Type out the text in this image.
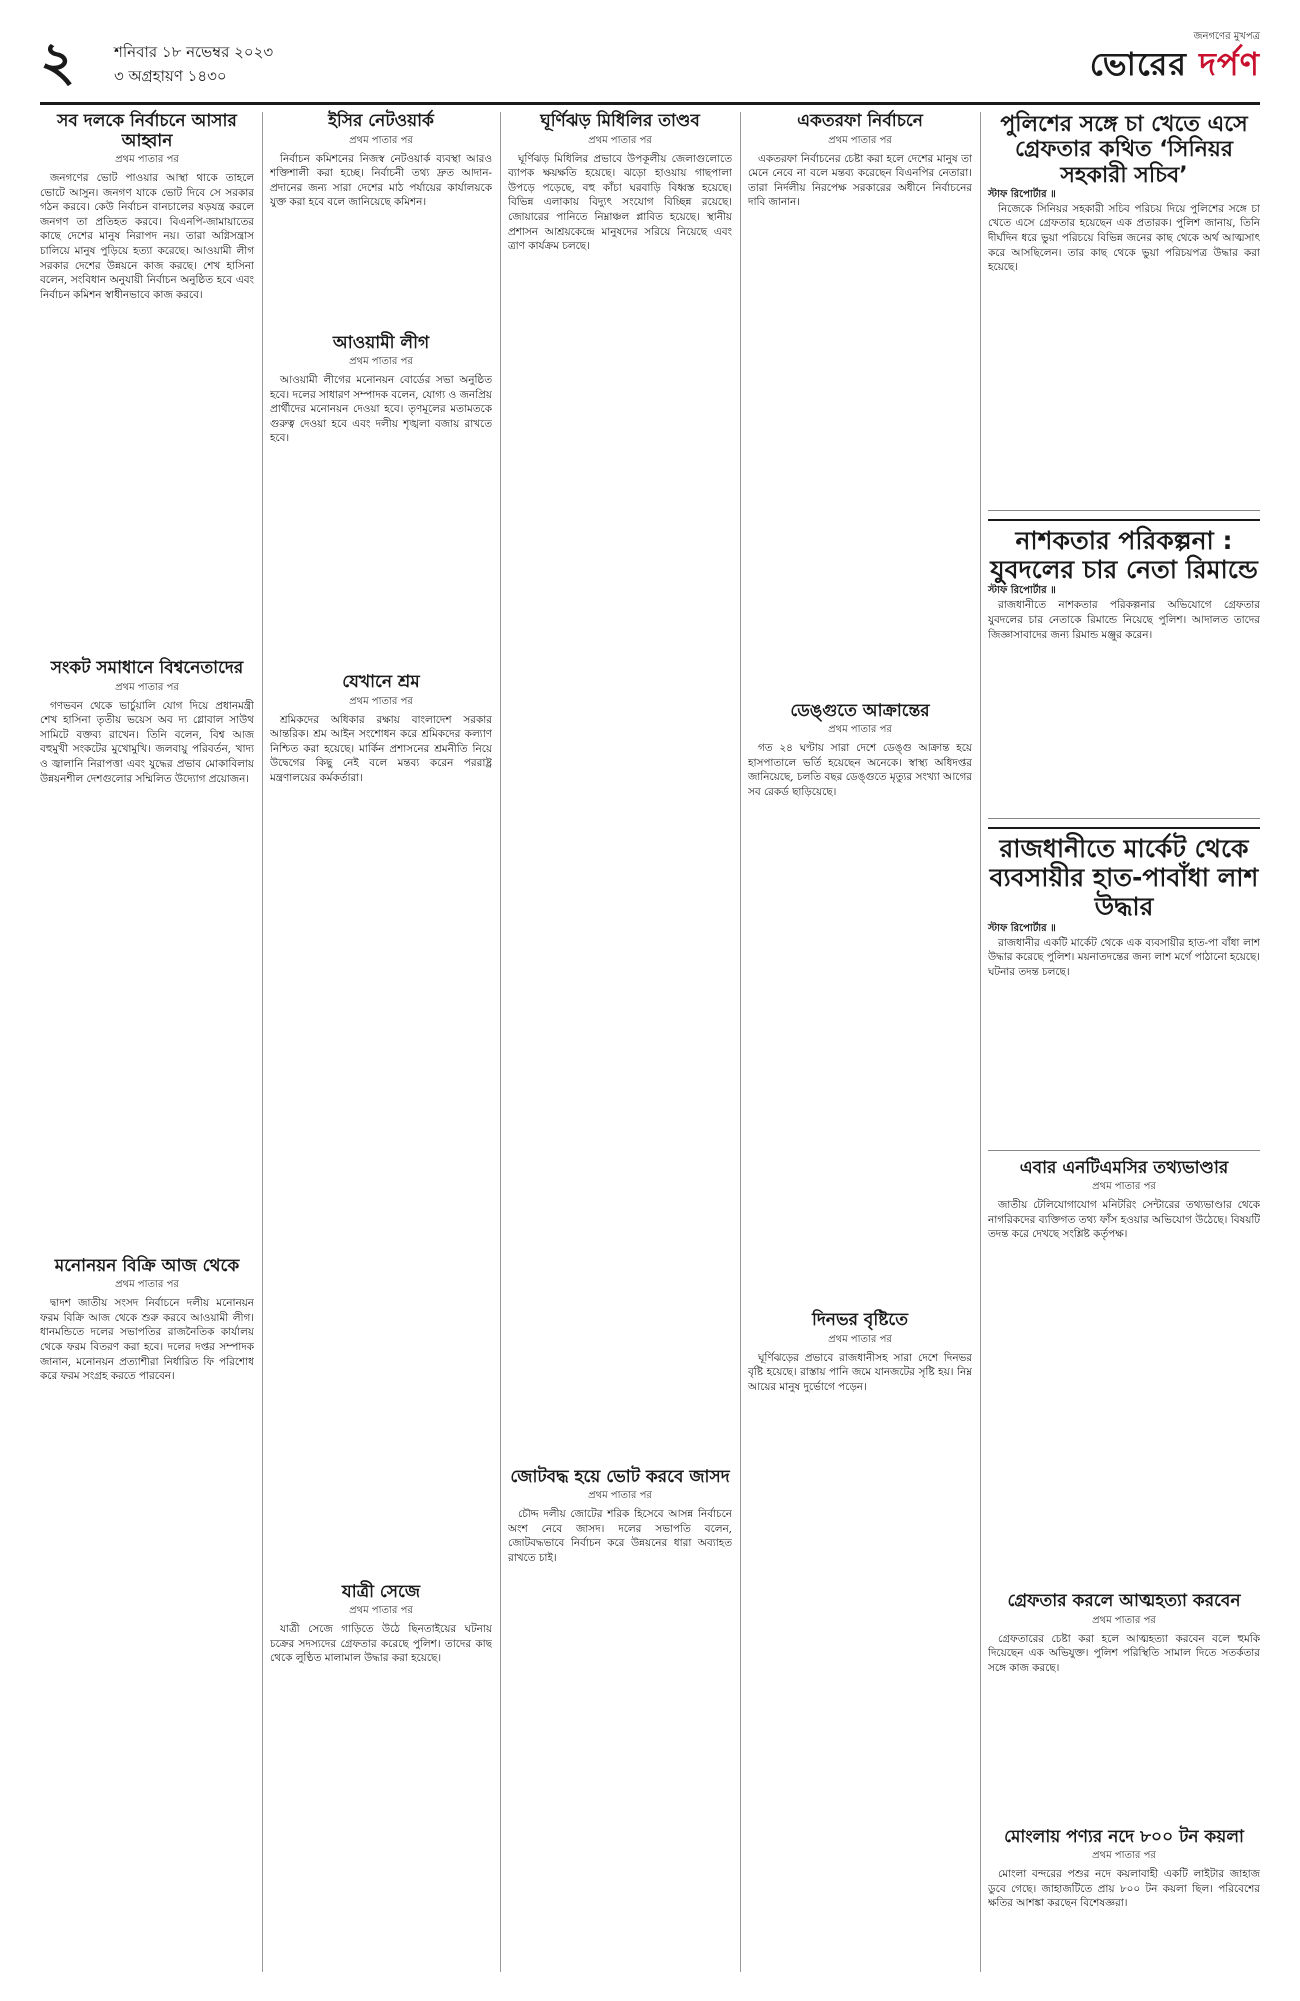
২	শনিবার ১৮ নভেম্বর ২০২৩
৩ অগ্রহায়ণ ১৪৩০
জনগণের মুখপত্র
ভোরের দর্পণ
সব দলকে নির্বাচনে আসার আহ্বান
প্রথম পাতার পর

জনগণের ভোট পাওয়ার আস্থা থাকে তাহলে ভোটে আসুন। জনগণ যাকে ভোট দিবে সে সরকার গঠন করবে। কেউ নির্বাচন বানচালের ষড়যন্ত্র করলে জনগণ তা প্রতিহত করবে। বিএনপি-জামায়াতের কাছে দেশের মানুষ নিরাপদ নয়। তারা অগ্নিসন্ত্রাস চালিয়ে মানুষ পুড়িয়ে হত্যা করেছে। আওয়ামী লীগ সরকার দেশের উন্নয়নে কাজ করছে। শেখ হাসিনা বলেন, সংবিধান অনুযায়ী নির্বাচন অনুষ্ঠিত হবে এবং নির্বাচন কমিশন স্বাধীনভাবে কাজ করবে।

সংকট সমাধানে বিশ্বনেতাদের
প্রথম পাতার পর

গণভবন থেকে ভার্চুয়ালি যোগ দিয়ে প্রধানমন্ত্রী শেখ হাসিনা তৃতীয় ভয়েস অব দ্য গ্লোবাল সাউথ সামিটে বক্তব্য রাখেন। তিনি বলেন, বিশ্ব আজ বহুমুখী সংকটের মুখোমুখি। জলবায়ু পরিবর্তন, খাদ্য ও জ্বালানি নিরাপত্তা এবং যুদ্ধের প্রভাব মোকাবিলায় উন্নয়নশীল দেশগুলোর সম্মিলিত উদ্যোগ প্রয়োজন।

মনোনয়ন বিক্রি আজ থেকে
প্রথম পাতার পর

দ্বাদশ জাতীয় সংসদ নির্বাচনে দলীয় মনোনয়ন ফরম বিক্রি আজ থেকে শুরু করবে আওয়ামী লীগ। ধানমন্ডিতে দলের সভাপতির রাজনৈতিক কার্যালয় থেকে ফরম বিতরণ করা হবে। দলের দপ্তর সম্পাদক জানান, মনোনয়ন প্রত্যাশীরা নির্ধারিত ফি পরিশোধ করে ফরম সংগ্রহ করতে পারবেন।

ইসির নেটওয়ার্ক
প্রথম পাতার পর

নির্বাচন কমিশনের নিজস্ব নেটওয়ার্ক ব্যবস্থা আরও শক্তিশালী করা হচ্ছে। নির্বাচনী তথ্য দ্রুত আদান-প্রদানের জন্য সারা দেশের মাঠ পর্যায়ের কার্যালয়কে যুক্ত করা হবে বলে জানিয়েছে কমিশন।

আওয়ামী লীগ
প্রথম পাতার পর

আওয়ামী লীগের মনোনয়ন বোর্ডের সভা অনুষ্ঠিত হবে। দলের সাধারণ সম্পাদক বলেন, যোগ্য ও জনপ্রিয় প্রার্থীদের মনোনয়ন দেওয়া হবে। তৃণমূলের মতামতকে গুরুত্ব দেওয়া হবে এবং দলীয় শৃঙ্খলা বজায় রাখতে হবে।

যেখানে শ্রম
প্রথম পাতার পর

শ্রমিকদের অধিকার রক্ষায় বাংলাদেশ সরকার আন্তরিক। শ্রম আইন সংশোধন করে শ্রমিকদের কল্যাণ নিশ্চিত করা হয়েছে। মার্কিন প্রশাসনের শ্রমনীতি নিয়ে উদ্বেগের কিছু নেই বলে মন্তব্য করেন পররাষ্ট্র মন্ত্রণালয়ের কর্মকর্তারা।

যাত্রী সেজে
প্রথম পাতার পর

যাত্রী সেজে গাড়িতে উঠে ছিনতাইয়ের ঘটনায় চক্রের সদস্যদের গ্রেফতার করেছে পুলিশ। তাদের কাছ থেকে লুণ্ঠিত মালামাল উদ্ধার করা হয়েছে।

ঘূর্ণিঝড় মিধিলির তাণ্ডব
প্রথম পাতার পর

ঘূর্ণিঝড় মিধিলির প্রভাবে উপকূলীয় জেলাগুলোতে ব্যাপক ক্ষয়ক্ষতি হয়েছে। ঝড়ো হাওয়ায় গাছপালা উপড়ে পড়েছে, বহু কাঁচা ঘরবাড়ি বিধ্বস্ত হয়েছে। বিভিন্ন এলাকায় বিদ্যুৎ সংযোগ বিচ্ছিন্ন রয়েছে। জোয়ারের পানিতে নিম্নাঞ্চল প্লাবিত হয়েছে। স্থানীয় প্রশাসন আশ্রয়কেন্দ্রে মানুষদের সরিয়ে নিয়েছে এবং ত্রাণ কার্যক্রম চলছে।

জোটবদ্ধ হয়ে ভোট করবে জাসদ
প্রথম পাতার পর

চৌদ্দ দলীয় জোটের শরিক হিসেবে আসন্ন নির্বাচনে অংশ নেবে জাসদ। দলের সভাপতি বলেন, জোটবদ্ধভাবে নির্বাচন করে উন্নয়নের ধারা অব্যাহত রাখতে চাই।

একতরফা নির্বাচনে
প্রথম পাতার পর

একতরফা নির্বাচনের চেষ্টা করা হলে দেশের মানুষ তা মেনে নেবে না বলে মন্তব্য করেছেন বিএনপির নেতারা। তারা নির্দলীয় নিরপেক্ষ সরকারের অধীনে নির্বাচনের দাবি জানান।

ডেঙ্গুতে আক্রান্তের
প্রথম পাতার পর

গত ২৪ ঘণ্টায় সারা দেশে ডেঙ্গু আক্রান্ত হয়ে হাসপাতালে ভর্তি হয়েছেন অনেকে। স্বাস্থ্য অধিদপ্তর জানিয়েছে, চলতি বছর ডেঙ্গুতে মৃত্যুর সংখ্যা আগের সব রেকর্ড ছাড়িয়েছে।

দিনভর বৃষ্টিতে
প্রথম পাতার পর

ঘূর্ণিঝড়ের প্রভাবে রাজধানীসহ সারা দেশে দিনভর বৃষ্টি হয়েছে। রাস্তায় পানি জমে যানজটের সৃষ্টি হয়। নিম্ন আয়ের মানুষ দুর্ভোগে পড়েন।

পুলিশের সঙ্গে চা খেতে এসে গ্রেফতার কথিত ‘সিনিয়র সহকারী সচিব’
স্টাফ রিপোর্টার ॥

নিজেকে সিনিয়র সহকারী সচিব পরিচয় দিয়ে পুলিশের সঙ্গে চা খেতে এসে গ্রেফতার হয়েছেন এক প্রতারক। পুলিশ জানায়, তিনি দীর্ঘদিন ধরে ভুয়া পরিচয়ে বিভিন্ন জনের কাছ থেকে অর্থ আত্মসাৎ করে আসছিলেন। তার কাছ থেকে ভুয়া পরিচয়পত্র উদ্ধার করা হয়েছে।

নাশকতার পরিকল্পনা : যুবদলের চার নেতা রিমান্ডে
স্টাফ রিপোর্টার ॥

রাজধানীতে নাশকতার পরিকল্পনার অভিযোগে গ্রেফতার যুবদলের চার নেতাকে রিমান্ডে নিয়েছে পুলিশ। আদালত তাদের জিজ্ঞাসাবাদের জন্য রিমান্ড মঞ্জুর করেন।

রাজধানীতে মার্কেট থেকে ব্যবসায়ীর হাত-পাবাঁধা লাশ উদ্ধার
স্টাফ রিপোর্টার ॥

রাজধানীর একটি মার্কেট থেকে এক ব্যবসায়ীর হাত-পা বাঁধা লাশ উদ্ধার করেছে পুলিশ। ময়নাতদন্তের জন্য লাশ মর্গে পাঠানো হয়েছে। ঘটনার তদন্ত চলছে।

এবার এনটিএমসির তথ্যভাণ্ডার
প্রথম পাতার পর

জাতীয় টেলিযোগাযোগ মনিটরিং সেন্টারের তথ্যভাণ্ডার থেকে নাগরিকদের ব্যক্তিগত তথ্য ফাঁস হওয়ার অভিযোগ উঠেছে। বিষয়টি তদন্ত করে দেখছে সংশ্লিষ্ট কর্তৃপক্ষ।

গ্রেফতার করলে আত্মহত্যা করবেন
প্রথম পাতার পর

গ্রেফতারের চেষ্টা করা হলে আত্মহত্যা করবেন বলে হুমকি দিয়েছেন এক অভিযুক্ত। পুলিশ পরিস্থিতি সামাল দিতে সতর্কতার সঙ্গে কাজ করছে।

মোংলায় পণ্যর নদে ৮০০ টন কয়লা
প্রথম পাতার পর

মোংলা বন্দরের পশুর নদে কয়লাবাহী একটি লাইটার জাহাজ ডুবে গেছে। জাহাজটিতে প্রায় ৮০০ টন কয়লা ছিল। পরিবেশের ক্ষতির আশঙ্কা করছেন বিশেষজ্ঞরা।
